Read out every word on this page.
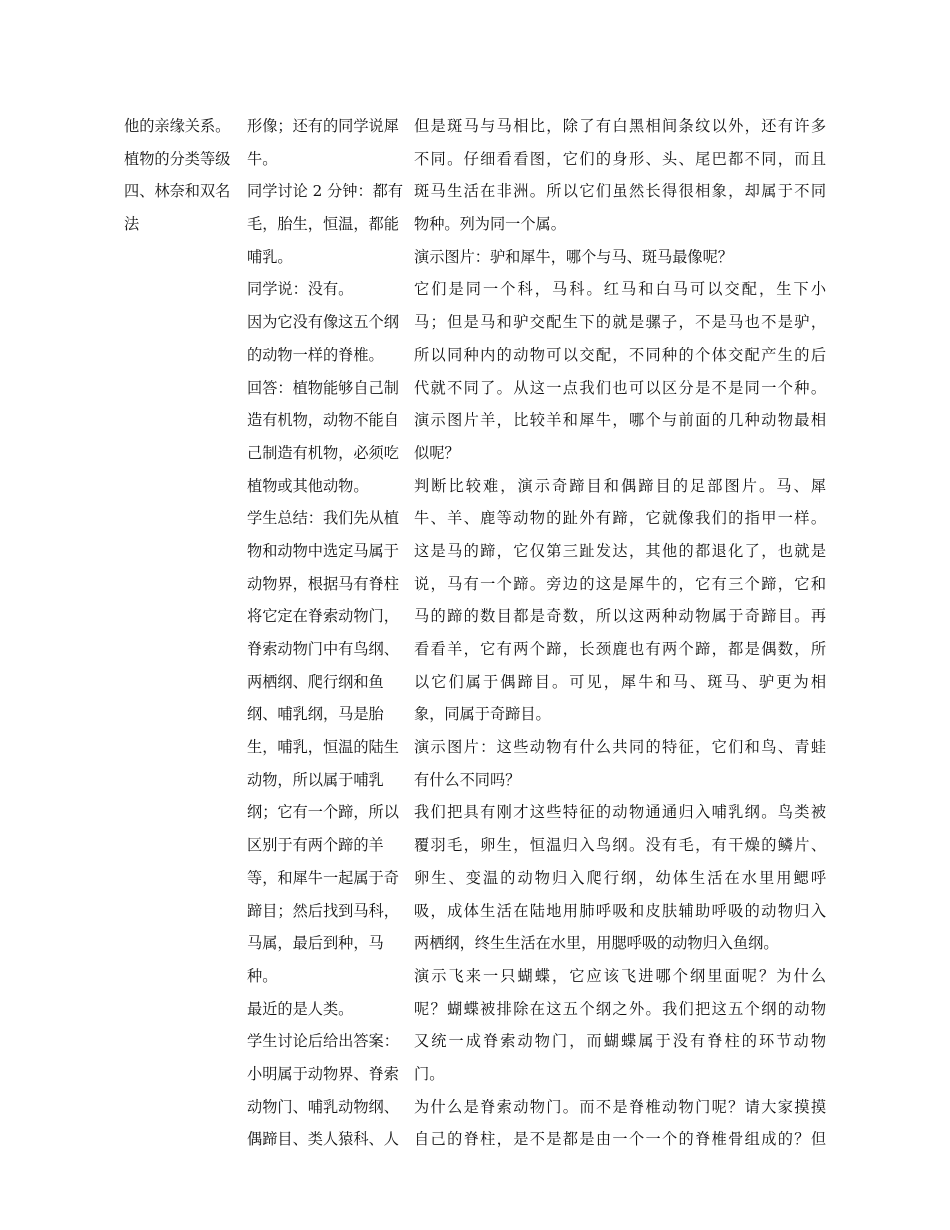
他的亲缘关系。
植物的分类等级
四、林奈和双名
法
形像；还有的同学说犀
牛。
同学讨论 2 分钟：都有
毛，胎生，恒温，都能
哺乳。
同学说：没有。
因为它没有像这五个纲
的动物一样的脊椎。
回答：植物能够自己制
造有机物，动物不能自
己制造有机物，必须吃
植物或其他动物。
学生总结：我们先从植
物和动物中选定马属于
动物界，根据马有脊柱
将它定在脊索动物门，
脊索动物门中有鸟纲、
两栖纲、爬行纲和鱼
纲、哺乳纲，马是胎
生，哺乳，恒温的陆生
动物，所以属于哺乳
纲；它有一个蹄，所以
区别于有两个蹄的羊
等，和犀牛一起属于奇
蹄目；然后找到马科，
马属，最后到种，马
种。
最近的是人类。
学生讨论后给出答案：
小明属于动物界、脊索
动物门、哺乳动物纲、
偶蹄目、类人猿科、人
但是斑马与马相比，除了有白黑相间条纹以外，还有许多
不同。仔细看看图，它们的身形、头、尾巴都不同，而且
斑马生活在非洲。所以它们虽然长得很相象，却属于不同
物种。列为同一个属。
演示图片：驴和犀牛，哪个与马、斑马最像呢？
它们是同一个科，马科。红马和白马可以交配，生下小
马；但是马和驴交配生下的就是骡子，不是马也不是驴，
所以同种内的动物可以交配，不同种的个体交配产生的后
代就不同了。从这一点我们也可以区分是不是同一个种。
演示图片羊，比较羊和犀牛，哪个与前面的几种动物最相
似呢？
判断比较难，演示奇蹄目和偶蹄目的足部图片。马、犀
牛、羊、鹿等动物的趾外有蹄，它就像我们的指甲一样。
这是马的蹄，它仅第三趾发达，其他的都退化了，也就是
说，马有一个蹄。旁边的这是犀牛的，它有三个蹄，它和
马的蹄的数目都是奇数，所以这两种动物属于奇蹄目。再
看看羊，它有两个蹄，长颈鹿也有两个蹄，都是偶数，所
以它们属于偶蹄目。可见，犀牛和马、斑马、驴更为相
象，同属于奇蹄目。
演示图片：这些动物有什么共同的特征，它们和鸟、青蛙
有什么不同吗？
我们把具有刚才这些特征的动物通通归入哺乳纲。鸟类被
覆羽毛，卵生，恒温归入鸟纲。没有毛，有干燥的鳞片、
卵生、变温的动物归入爬行纲，幼体生活在水里用鳃呼
吸，成体生活在陆地用肺呼吸和皮肤辅助呼吸的动物归入
两栖纲，终生生活在水里，用腮呼吸的动物归入鱼纲。
演示飞来一只蝴蝶，它应该飞进哪个纲里面呢？为什么
呢？蝴蝶被排除在这五个纲之外。我们把这五个纲的动物
又统一成脊索动物门，而蝴蝶属于没有脊柱的环节动物
门。
为什么是脊索动物门。而不是脊椎动物门呢？请大家摸摸
自己的脊柱，是不是都是由一个一个的脊椎骨组成的？但
